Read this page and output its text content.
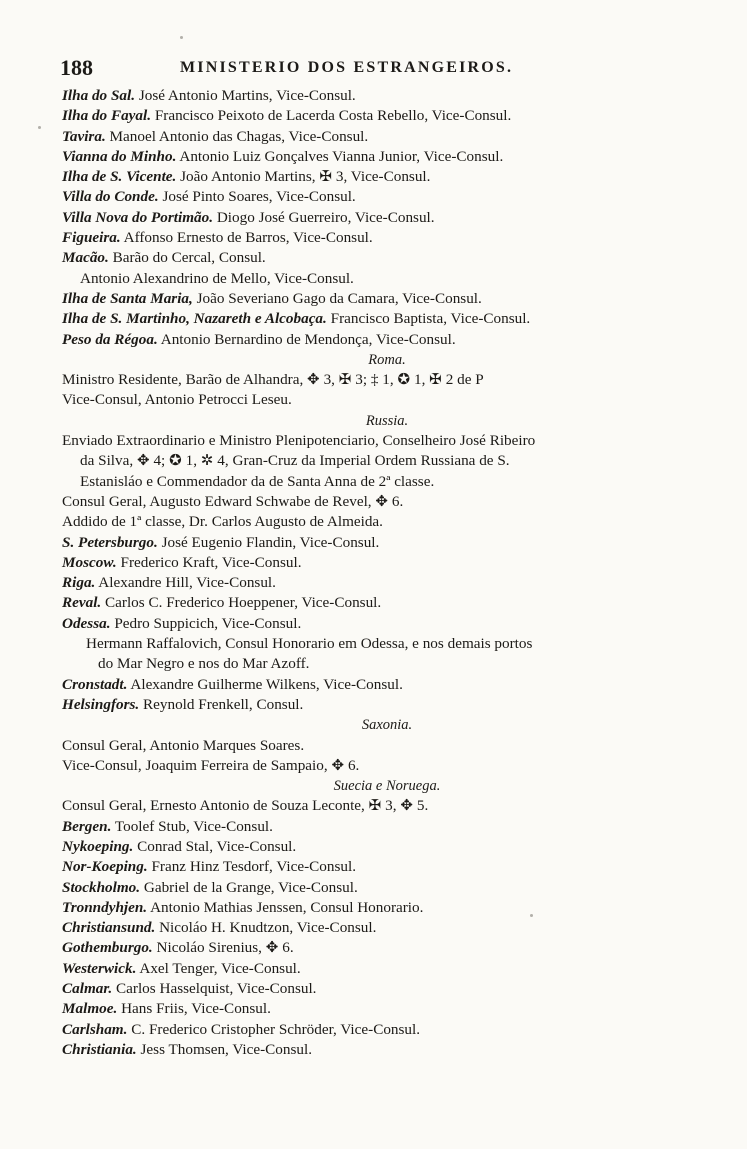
188	MINISTERIO DOS ESTRANGEIROS.
Ilha do Sal. José Antonio Martins, Vice-Consul.
Ilha do Fayal. Francisco Peixoto de Lacerda Costa Rebello, Vice-Consul.
Tavira. Manoel Antonio das Chagas, Vice-Consul.
Vianna do Minho. Antonio Luiz Gonçalves Vianna Junior, Vice-Consul.
Ilha de S. Vicente. João Antonio Martins, ✠ 3, Vice-Consul.
Villa do Conde. José Pinto Soares, Vice-Consul.
Villa Nova do Portimão. Diogo José Guerreiro, Vice-Consul.
Figueira. Affonso Ernesto de Barros, Vice-Consul.
Macão. Barão do Cercal, Consul.
Antonio Alexandrino de Mello, Vice-Consul.
Ilha de Santa Maria, João Severiano Gago da Camara, Vice-Consul.
Ilha de S. Martinho, Nazareth e Alcobaça. Francisco Baptista, Vice-Consul.
Peso da Régoa. Antonio Bernardino de Mendonça, Vice-Consul.
Roma.
Ministro Residente, Barão de Alhandra, ✥ 3, ✠ 3; ‡ 1, ✪ 1, ✠ 2 de P
Vice-Consul, Antonio Petrocci Leseu.
Russia.
Enviado Extraordinario e Ministro Plenipotenciario, Conselheiro José Ribeiro
da Silva, ✥ 4; ✪ 1, ✲ 4, Gran-Cruz da Imperial Ordem Russiana de S.
Estanisláo e Commendador da de Santa Anna de 2ª classe.
Consul Geral, Augusto Edward Schwabe de Revel, ✥ 6.
Addido de 1ª classe, Dr. Carlos Augusto de Almeida.
S. Petersburgo. José Eugenio Flandin, Vice-Consul.
Moscow. Frederico Kraft, Vice-Consul.
Riga. Alexandre Hill, Vice-Consul.
Reval. Carlos C. Frederico Hoeppener, Vice-Consul.
Odessa. Pedro Suppicich, Vice-Consul.
Hermann Raffalovich, Consul Honorario em Odessa, e nos demais portos
do Mar Negro e nos do Mar Azoff.
Cronstadt. Alexandre Guilherme Wilkens, Vice-Consul.
Helsingfors. Reynold Frenkell, Consul.
Saxonia.
Consul Geral, Antonio Marques Soares.
Vice-Consul, Joaquim Ferreira de Sampaio, ✥ 6.
Suecia e Noruega.
Consul Geral, Ernesto Antonio de Souza Leconte, ✠ 3, ✥ 5.
Bergen. Toolef Stub, Vice-Consul.
Nykoeping. Conrad Stal, Vice-Consul.
Nor-Koeping. Franz Hinz Tesdorf, Vice-Consul.
Stockholmo. Gabriel de la Grange, Vice-Consul.
Tronndyhjen. Antonio Mathias Jenssen, Consul Honorario.
Christiansund. Nicoláo H. Knudtzon, Vice-Consul.
Gothemburgo. Nicoláo Sirenius, ✥ 6.
Westerwick. Axel Tenger, Vice-Consul.
Calmar. Carlos Hasselquist, Vice-Consul.
Malmoe. Hans Friis, Vice-Consul.
Carlsham. C. Frederico Cristopher Schröder, Vice-Consul.
Christiania. Jess Thomsen, Vice-Consul.
